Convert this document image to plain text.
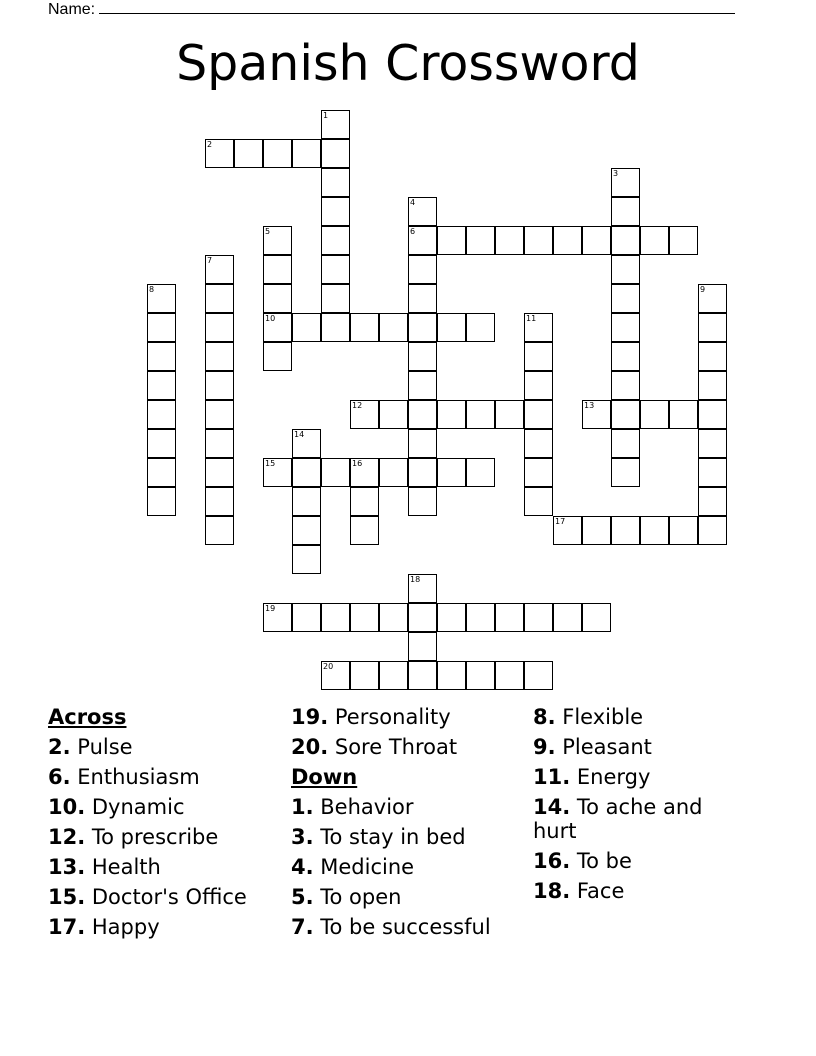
Name:
Spanish Crossword
1
2
3
4
6
5
10
7
8	9
11
12	13
14
15	16
17
18
19
20
Across
2. Pulse
6. Enthusiasm
10. Dynamic
12. To prescribe
13. Health
15. Doctor's Office
17. Happy
19. Personality
20. Sore Throat
Down
1. Behavior
3. To stay in bed
4. Medicine
5. To open
7. To be successful
8. Flexible
9. Pleasant
11. Energy
14. To ache and hurt
16. To be
18. Face
